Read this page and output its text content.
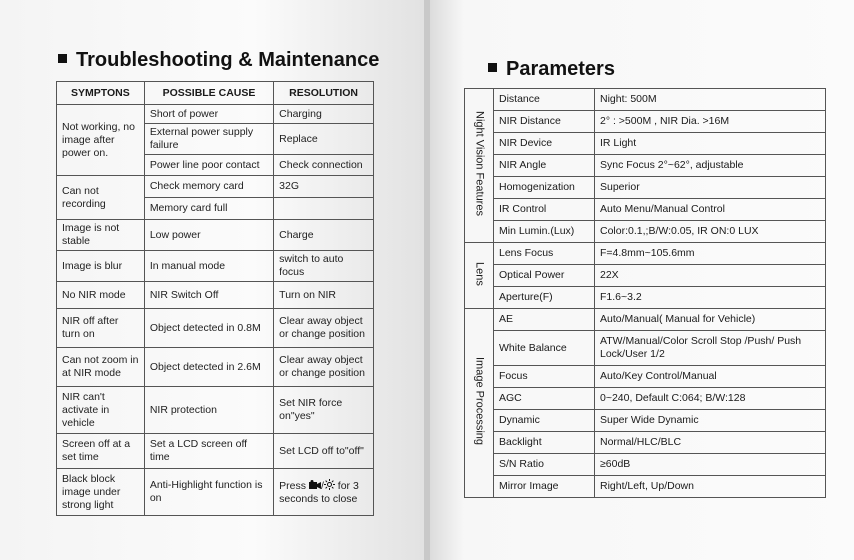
Troubleshooting & Maintenance
SYMPTONS	POSSIBLE CAUSE	RESOLUTION
Not working, no image after power on.	Short of power	Charging
	External power supply failure	Replace
	Power line poor contact	Check connection
Can not recording	Check memory card	32G
	Memory card full	
Image is not stable	Low power	Charge
Image is blur	In manual mode	switch to auto focus
No NIR mode	NIR Switch Off	Turn on NIR
NIR off after turn on	Object detected in 0.8M	Clear away object or change position
Can not zoom in at NIR mode	Object detected in 2.6M	Clear away object or change position
NIR can't activate in vehicle	NIR protection	Set NIR force on"yes"
Screen off at a set time	Set a LCD screen off time	Set LCD off to"off"
Black block image under strong light	Anti-Highlight function is on	Press / for 3 seconds to close
Parameters
Night Vision Features	Distance	Night: 500M
	NIR Distance	2° : >500M , NIR Dia. >16M
	NIR Device	IR Light
	NIR Angle	Sync Focus 2°~62°, adjustable
	Homogenization	Superior
	IR Control	Auto Menu/Manual Control
	Min Lumin.(Lux)	Color:0.1,;B/W:0.05, IR ON:0 LUX
Lens	Lens Focus	F=4.8mm~105.6mm
	Optical Power	22X
	Aperture(F)	F1.6~3.2
Image Processing	AE	Auto/Manual( Manual for Vehicle)
	White Balance	ATW/Manual/Color Scroll Stop /Push/ Push Lock/User 1/2
	Focus	Auto/Key Control/Manual
	AGC	0~240, Default C:064; B/W:128
	Dynamic	Super Wide Dynamic
	Backlight	Normal/HLC/BLC
	S/N Ratio	≥60dB
	Mirror Image	Right/Left, Up/Down
